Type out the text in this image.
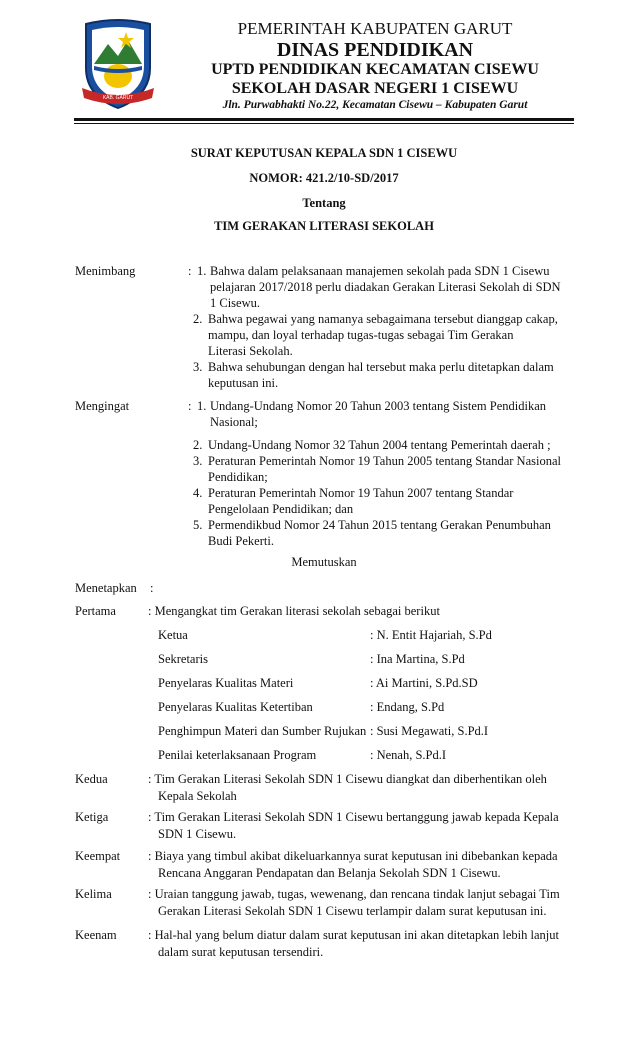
KAB. GARUT
PEMERINTAH KABUPATEN GARUT
DINAS PENDIDIKAN
UPTD PENDIDIKAN KECAMATAN CISEWU
SEKOLAH DASAR NEGERI 1 CISEWU
Jln. Purwabhakti No.22, Kecamatan Cisewu – Kabupaten Garut
SURAT KEPUTUSAN KEPALA SDN 1 CISEWU
NOMOR: 421.2/10-SD/2017
Tentang
TIM GERAKAN LITERASI SEKOLAH
Menimbang	: 1. Bahwa dalam pelaksanaan manajemen sekolah pada SDN 1 Cisewu
pelajaran 2017/2018 perlu diadakan Gerakan Literasi Sekolah di SDN
1 Cisewu.
2. Bahwa pegawai yang namanya sebagaimana tersebut dianggap cakap,
mampu, dan loyal terhadap tugas-tugas sebagai Tim Gerakan
Literasi Sekolah.
3. Bahwa sehubungan dengan hal tersebut maka perlu ditetapkan dalam
keputusan ini.
Mengingat	: 1. Undang-Undang Nomor 20 Tahun 2003 tentang Sistem Pendidikan
Nasional;
2. Undang-Undang Nomor 32 Tahun 2004 tentang Pemerintah daerah ;
3. Peraturan Pemerintah Nomor 19 Tahun 2005 tentang Standar Nasional
Pendidikan;
4. Peraturan Pemerintah Nomor 19 Tahun 2007 tentang Standar
Pengelolaan Pendidikan; dan
5. Permendikbud Nomor 24 Tahun 2015 tentang Gerakan Penumbuhan
Budi Pekerti.
Memutuskan
Menetapkan :
Pertama	: Mengangkat tim Gerakan literasi sekolah sebagai berikut
Ketua	: N. Entit Hajariah, S.Pd
Sekretaris	: Ina Martina, S.Pd
Penyelaras Kualitas Materi	: Ai Martini, S.Pd.SD
Penyelaras Kualitas Ketertiban	: Endang, S.Pd
Penghimpun Materi dan Sumber Rujukan : Susi Megawati, S.Pd.I
Penilai keterlaksanaan Program	: Nenah, S.Pd.I
Kedua	: Tim Gerakan Literasi Sekolah SDN 1 Cisewu diangkat dan diberhentikan oleh
Kepala Sekolah
Ketiga	: Tim Gerakan Literasi Sekolah SDN 1 Cisewu bertanggung jawab kepada Kepala
SDN 1 Cisewu.
Keempat : Biaya yang timbul akibat dikeluarkannya surat keputusan ini dibebankan kepada
Rencana Anggaran Pendapatan dan Belanja Sekolah SDN 1 Cisewu.
Kelima	: Uraian tanggung jawab, tugas, wewenang, dan rencana tindak lanjut sebagai Tim
Gerakan Literasi Sekolah SDN 1 Cisewu terlampir dalam surat keputusan ini.
Keenam	: Hal-hal yang belum diatur dalam surat keputusan ini akan ditetapkan lebih lanjut
dalam surat keputusan tersendiri.
